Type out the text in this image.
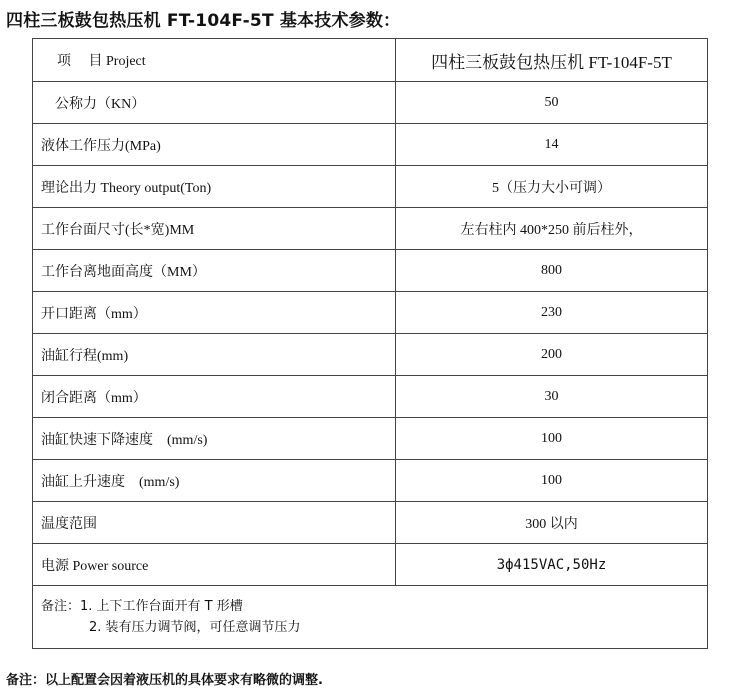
四柱三板鼓包热压机 FT-104F-5T 基本技术参数：
项　 目 Project	四柱三板鼓包热压机 FT-104F-5T
公称力（KN）	50
液体工作压力(MPa)	14
理论出力 Theory output(Ton)	5（压力大小可调）
工作台面尺寸(长*宽)MM	左右柱内 400*250 前后柱外，
工作台离地面高度（MM）	800
开口距离（mm）	230
油缸行程(mm)	200
闭合距离（mm）	30
油缸快速下降速度　(mm/s)	100
油缸上升速度　(mm/s)	100
温度范围	300 以内
电源 Power source	3ф415VAC,50Hz

备注：1. 上下工作台面开有 T 形槽
2. 装有压力调节阀，可任意调节压力	
备注：以上配置会因着液压机的具体要求有略微的调整.
